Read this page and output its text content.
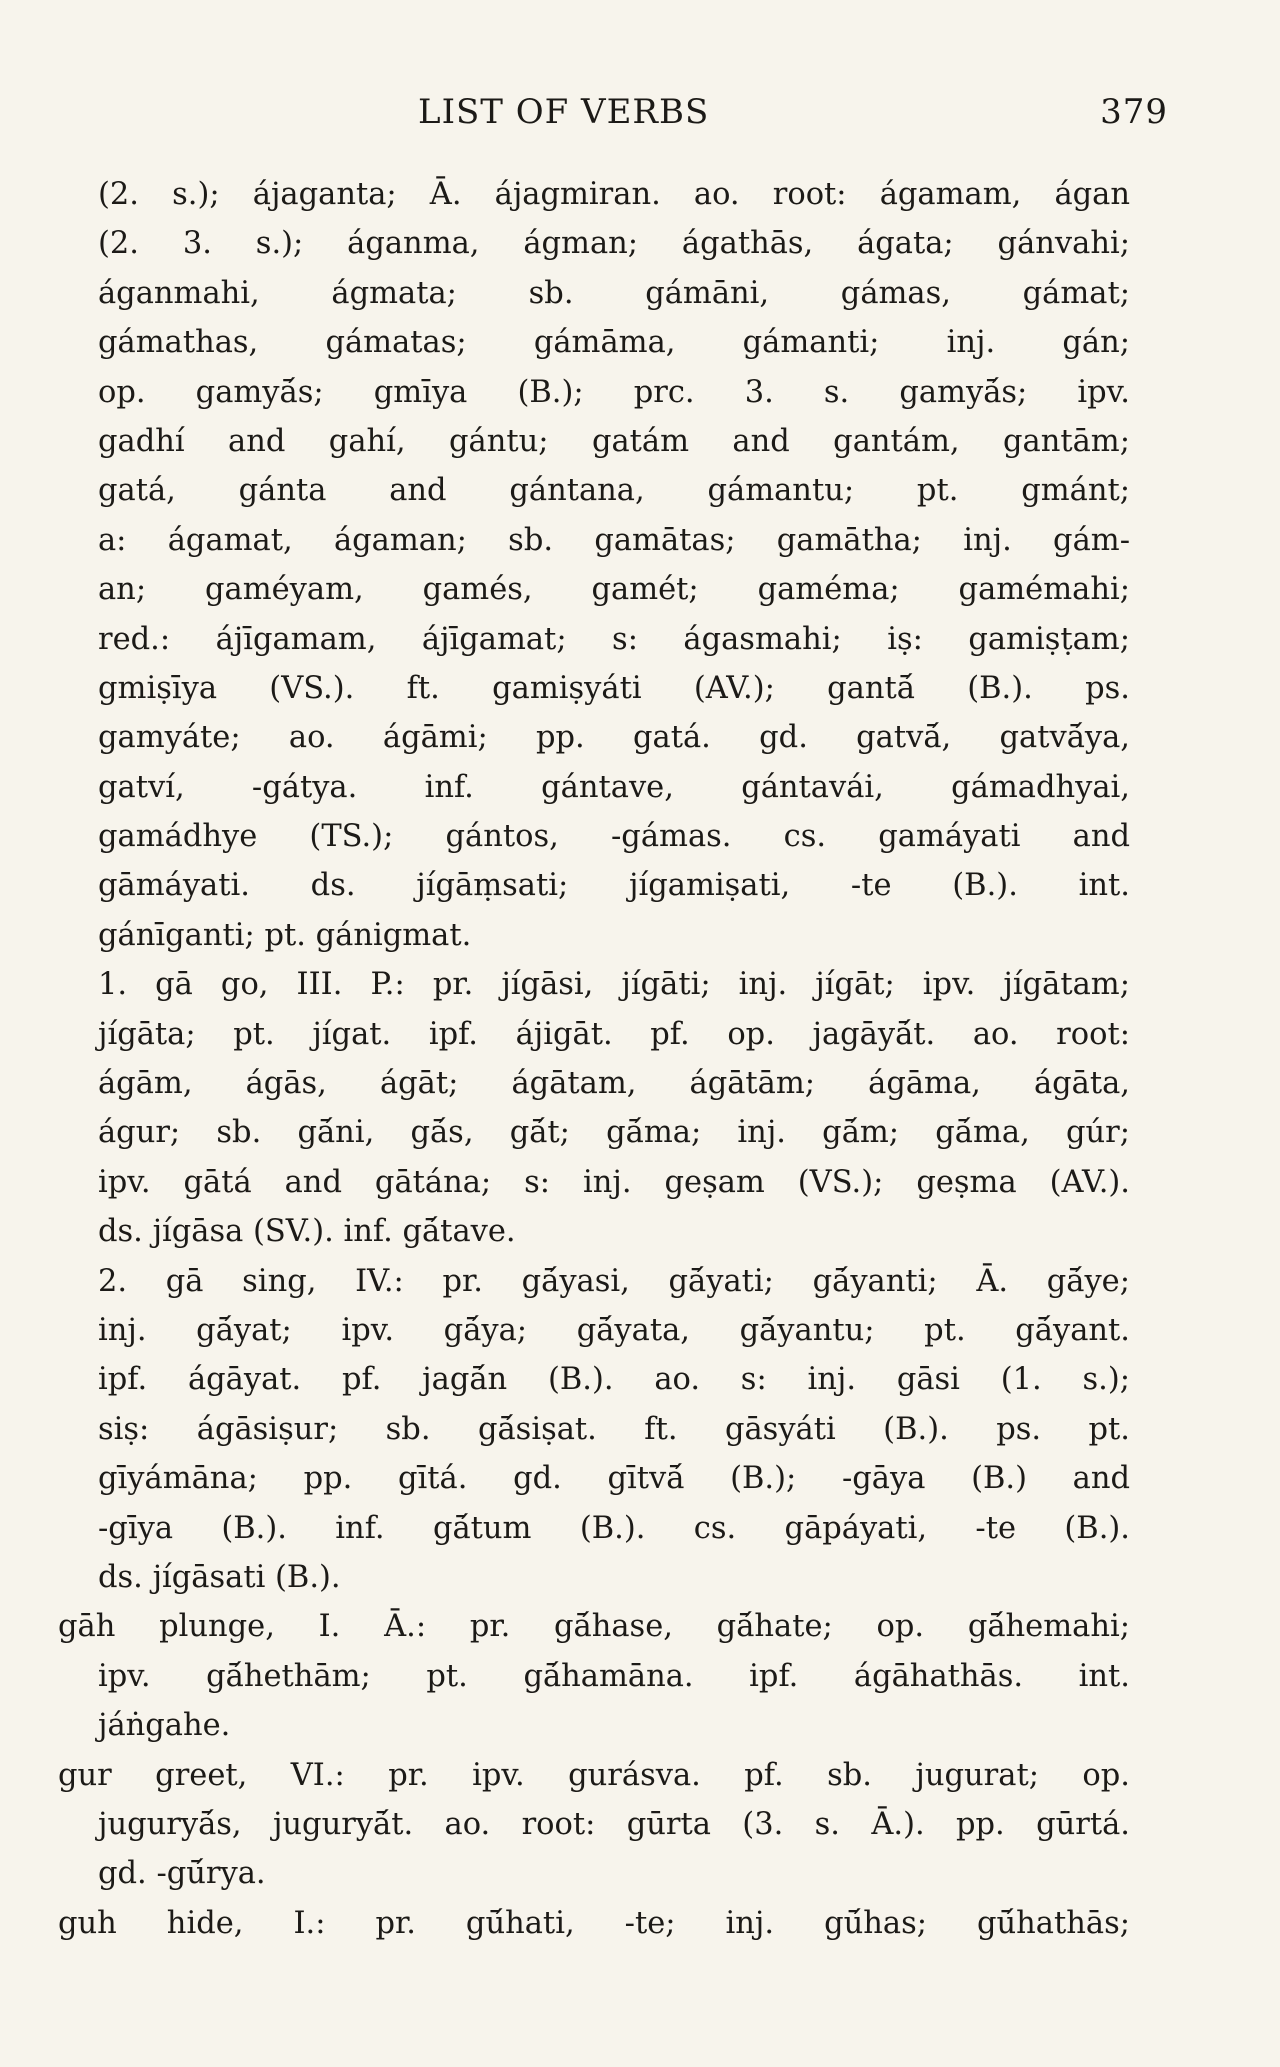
LIST OF VERBS	379
(2. s.); ájaganta; Ā. ájagmiran. ao. root: ágamam, ágan
(2. 3. s.); áganma, ágman; ágathās, ágata; gánvahi;
áganmahi, ágmata; sb. gámāni, gámas, gámat;
gámathas, gámatas; gámāma, gámanti; inj. gán;
op. gamyā́s; gmīya (B.); prc. 3. s. gamyā́s; ipv.
gadhí and gahí, gántu; gatám and gantám, gantām;
gatá, gánta and gántana, gámantu; pt. gmánt;
a: ágamat, ágaman; sb. gamātas; gamātha; inj. gám-
an; gaméyam, gamés, gamét; gaméma; gamémahi;
red.: ájīgamam, ájīgamat; s: ágasmahi; iṣ: gamiṣṭam;
gmiṣīya (VS.). ft. gamiṣyáti (AV.); gantā́ (B.). ps.
gamyáte; ao. ágāmi; pp. gatá. gd. gatvā́, gatvā́ya,
gatví, -gátya. inf. gántave, gántavái, gámadhyai,
gamádhye (TS.); gántos, -gámas. cs. gamáyati and
gāmáyati. ds. jígāṃsati; jígamiṣati, -te (B.). int.
gánīganti; pt. gánigmat.
1. gā go, III. P.: pr. jígāsi, jígāti; inj. jígāt; ipv. jígātam;
jígāta; pt. jígat. ipf. ájigāt. pf. op. jagāyā́t. ao. root:
ágām, ágās, ágāt; ágātam, ágātām; ágāma, ágāta,
águr; sb. gā́ni, gā́s, gā́t; gā́ma; inj. gā́m; gā́ma, gúr;
ipv. gātá and gātána; s: inj. geṣam (VS.); geṣma (AV.).
ds. jígāsa (SV.). inf. gā́tave.
2. gā sing, IV.: pr. gā́yasi, gā́yati; gā́yanti; Ā. gā́ye;
inj. gā́yat; ipv. gā́ya; gā́yata, gā́yantu; pt. gā́yant.
ipf. ágāyat. pf. jagā́n (B.). ao. s: inj. gāsi (1. s.);
siṣ: ágāsiṣur; sb. gā́siṣat. ft. gāsyáti (B.). ps. pt.
gīyámāna; pp. gītá. gd. gītvā́ (B.); -gāya (B.) and
-gīya (B.). inf. gā́tum (B.). cs. gāpáyati, -te (B.).
ds. jígāsati (B.).
gāh plunge, I. Ā.: pr. gā́hase, gā́hate; op. gā́hemahi;
ipv. gā́hethām; pt. gā́hamāna. ipf. ágāhathās. int.
jáṅgahe.
gur greet, VI.: pr. ipv. gurásva. pf. sb. jugurat; op.
juguryā́s, juguryā́t. ao. root: gūrta (3. s. Ā.). pp. gūrtá.
gd. -gū́rya.
guh hide, I.: pr. gū́hati, -te; inj. gū́has; gū́hathās;
